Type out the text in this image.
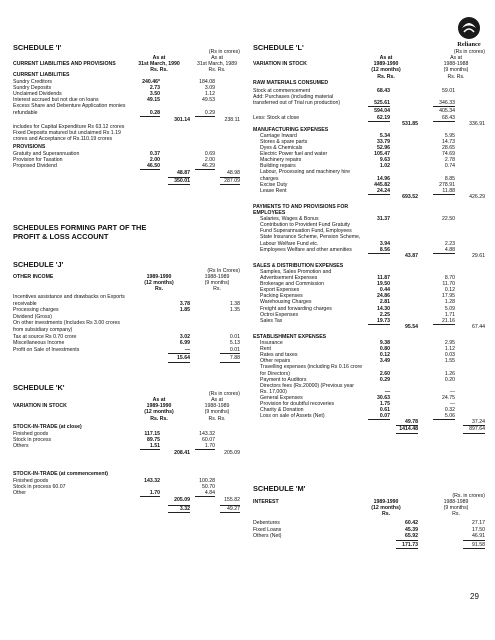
Reliance
SCHEDULE 'I'	(Rs in crores)
As at
31st March, 1990
Rs. Rs.
As at
31st March, 1989
Rs. Rs.
CURRENT LIABILITIES AND PROVISIONS
CURRENT LIABILITIES
Sundry Creditors	240.46*	184.08
Sundry Deposits	2.73	3.09
Unclaimed Dividends	3.50	1.12
Interest accrued but not due on loans	49.15	49.53
Excess Share and Debenture Application monies
refundable	0.28	0.29
301.14	238.11
includes for Capital Expenditure Rs 63.12 crores
Fixed Deposits matured but unclaimed Rs 1.19
crores and Acceptance of Rs.110.19 crores
PROVISIONS
Gratuity and Superannuation	0.37	0.69
Provision for Taxation	2.00	2.00
Proposed Dividend	46.50	46.29
48.87	48.98
350.01	287.09
SCHEDULES FORMING PART OF THE PROFIT & LOSS ACCOUNT
SCHEDULE 'J'
(Rs In Crores)
OTHER INCOME	1989-1990
(12 months)
Rs.
1988-1989
(9 months)
Rs.
Incentives assistance and drawbacks on Exports
receivable	3.78	1.38
Processing charges	1.85	1.35
Dividend (Gross)
On other investments (Includes Rs 3.00 crores
from subsidiary company)
Tax at source Rs 0.70 crore	3.02	0.01
Miscellaneous Income	6.99	5.13
Profit on Sale of Investments	—	0.01
15.64	7.88
SCHEDULE 'K'
(Rs in crores)
As at
1989-1990
(12 months)
Rs. Rs.
As at
1988-1989
(9 months)
Rs. Rs.
VARIATION IN STOCK
STOCK-IN-TRADE (at close)
Finished goods	117.15	143.32
Stock in process	89.75	60.07
Others	1.51	1.70
208.41	205.09
STOCK-IN-TRADE (at commencement)
Finished goods	143.32	100.28
Stock in process 60.07	50.70
Other	1.70	4.84
205.09	155.82
3.32	49.27
SCHEDULE 'L'	(Rs in crores)
As at
1989-1990
(12 months)
Rs. Rs.
As at
1988-1988
(9 months)
Rs. Rs.
VARIATION IN STOCK
RAW MATERIALS CONSUMED
Stock at commencement	68.43	59.01
Add: Purchases (including material
transferred out of Trial run production)	525.61	346.33
594.04	405.34
Less: Stock at close	62.19	68.43
531.85	336.91
MANUFACTURING EXPENSES
Carriage Inward	5.34	5.95
Stores & spare parts	33.79	14.73
Dyes & Chemicals	52.96	28.65
Electric Power fuel and water	105.47	74.69
Machinery repairs	9.63	2.78
Building repairs	1.02	0.74
Labour, Processing and machinery hire
charges	14.96	8.85
Excise Duty	445.82	278.91
Lease Rent	24.24	11.88
693.52	426.29
PAYMENTS TO AND PROVISIONS FOR EMPLOYEES
Salaries, Wages & Bonus	31.37	22.50
Contribution to Provident Fund Gratuity
Fund Superannuation Fund, Employees
State Insurance Scheme, Pension Scheme,
Labour Welfare Fund etc.	3.94	2.23
Employees Welfare and other amenities	8.56	4.88
43.87	29.61
SALES & DISTRIBUTION EXPENSES
Samples, Sales Promotion and
Advertisement Expenses	11.87	8.70
Brokerage and Commission	19.50	11.70
Export Expenses	0.44	0.12
Packing Expenses	24.86	17.95
Warehousing Charges	2.81	1.28
Freight and forwarding charges	14.30	5.09
Octroi Expenses	2.25	1.71
Sales Tax	19.73	21.16
95.54	67.44
ESTABLISHMENT EXPENSES
Insurance	9.38	2.95
Rent	0.80	1.12
Rates and taxes	0.12	0.03
Other repairs	3.49	1.55
Travelling expenses (including Rs 0.16 crore
for Directors)	2.60	1.26
Payment to Auditors	0.29	0.20
Directors fees (Rs.20000) (Previous year
Rs. 17,000)	—	—
General Expenses	30.63	24.75
Provision for doubtful recoveries	1.75	—
Charity & Donation	0.61	0.32
Loss on sale of Assets (Net)	0.07	5.06
49.78	37.24
1414.48	897.64
SCHEDULE 'M'
(Rs. in crores)
INTEREST	1989-1990
(12 months)
Rs.
1988-1989
(9 months)
Rs.
Debentures	60.42	27.17
Fixed Loans	45.39	17.50
Others (Net)	65.92	46.91
171.73	91.58
29
